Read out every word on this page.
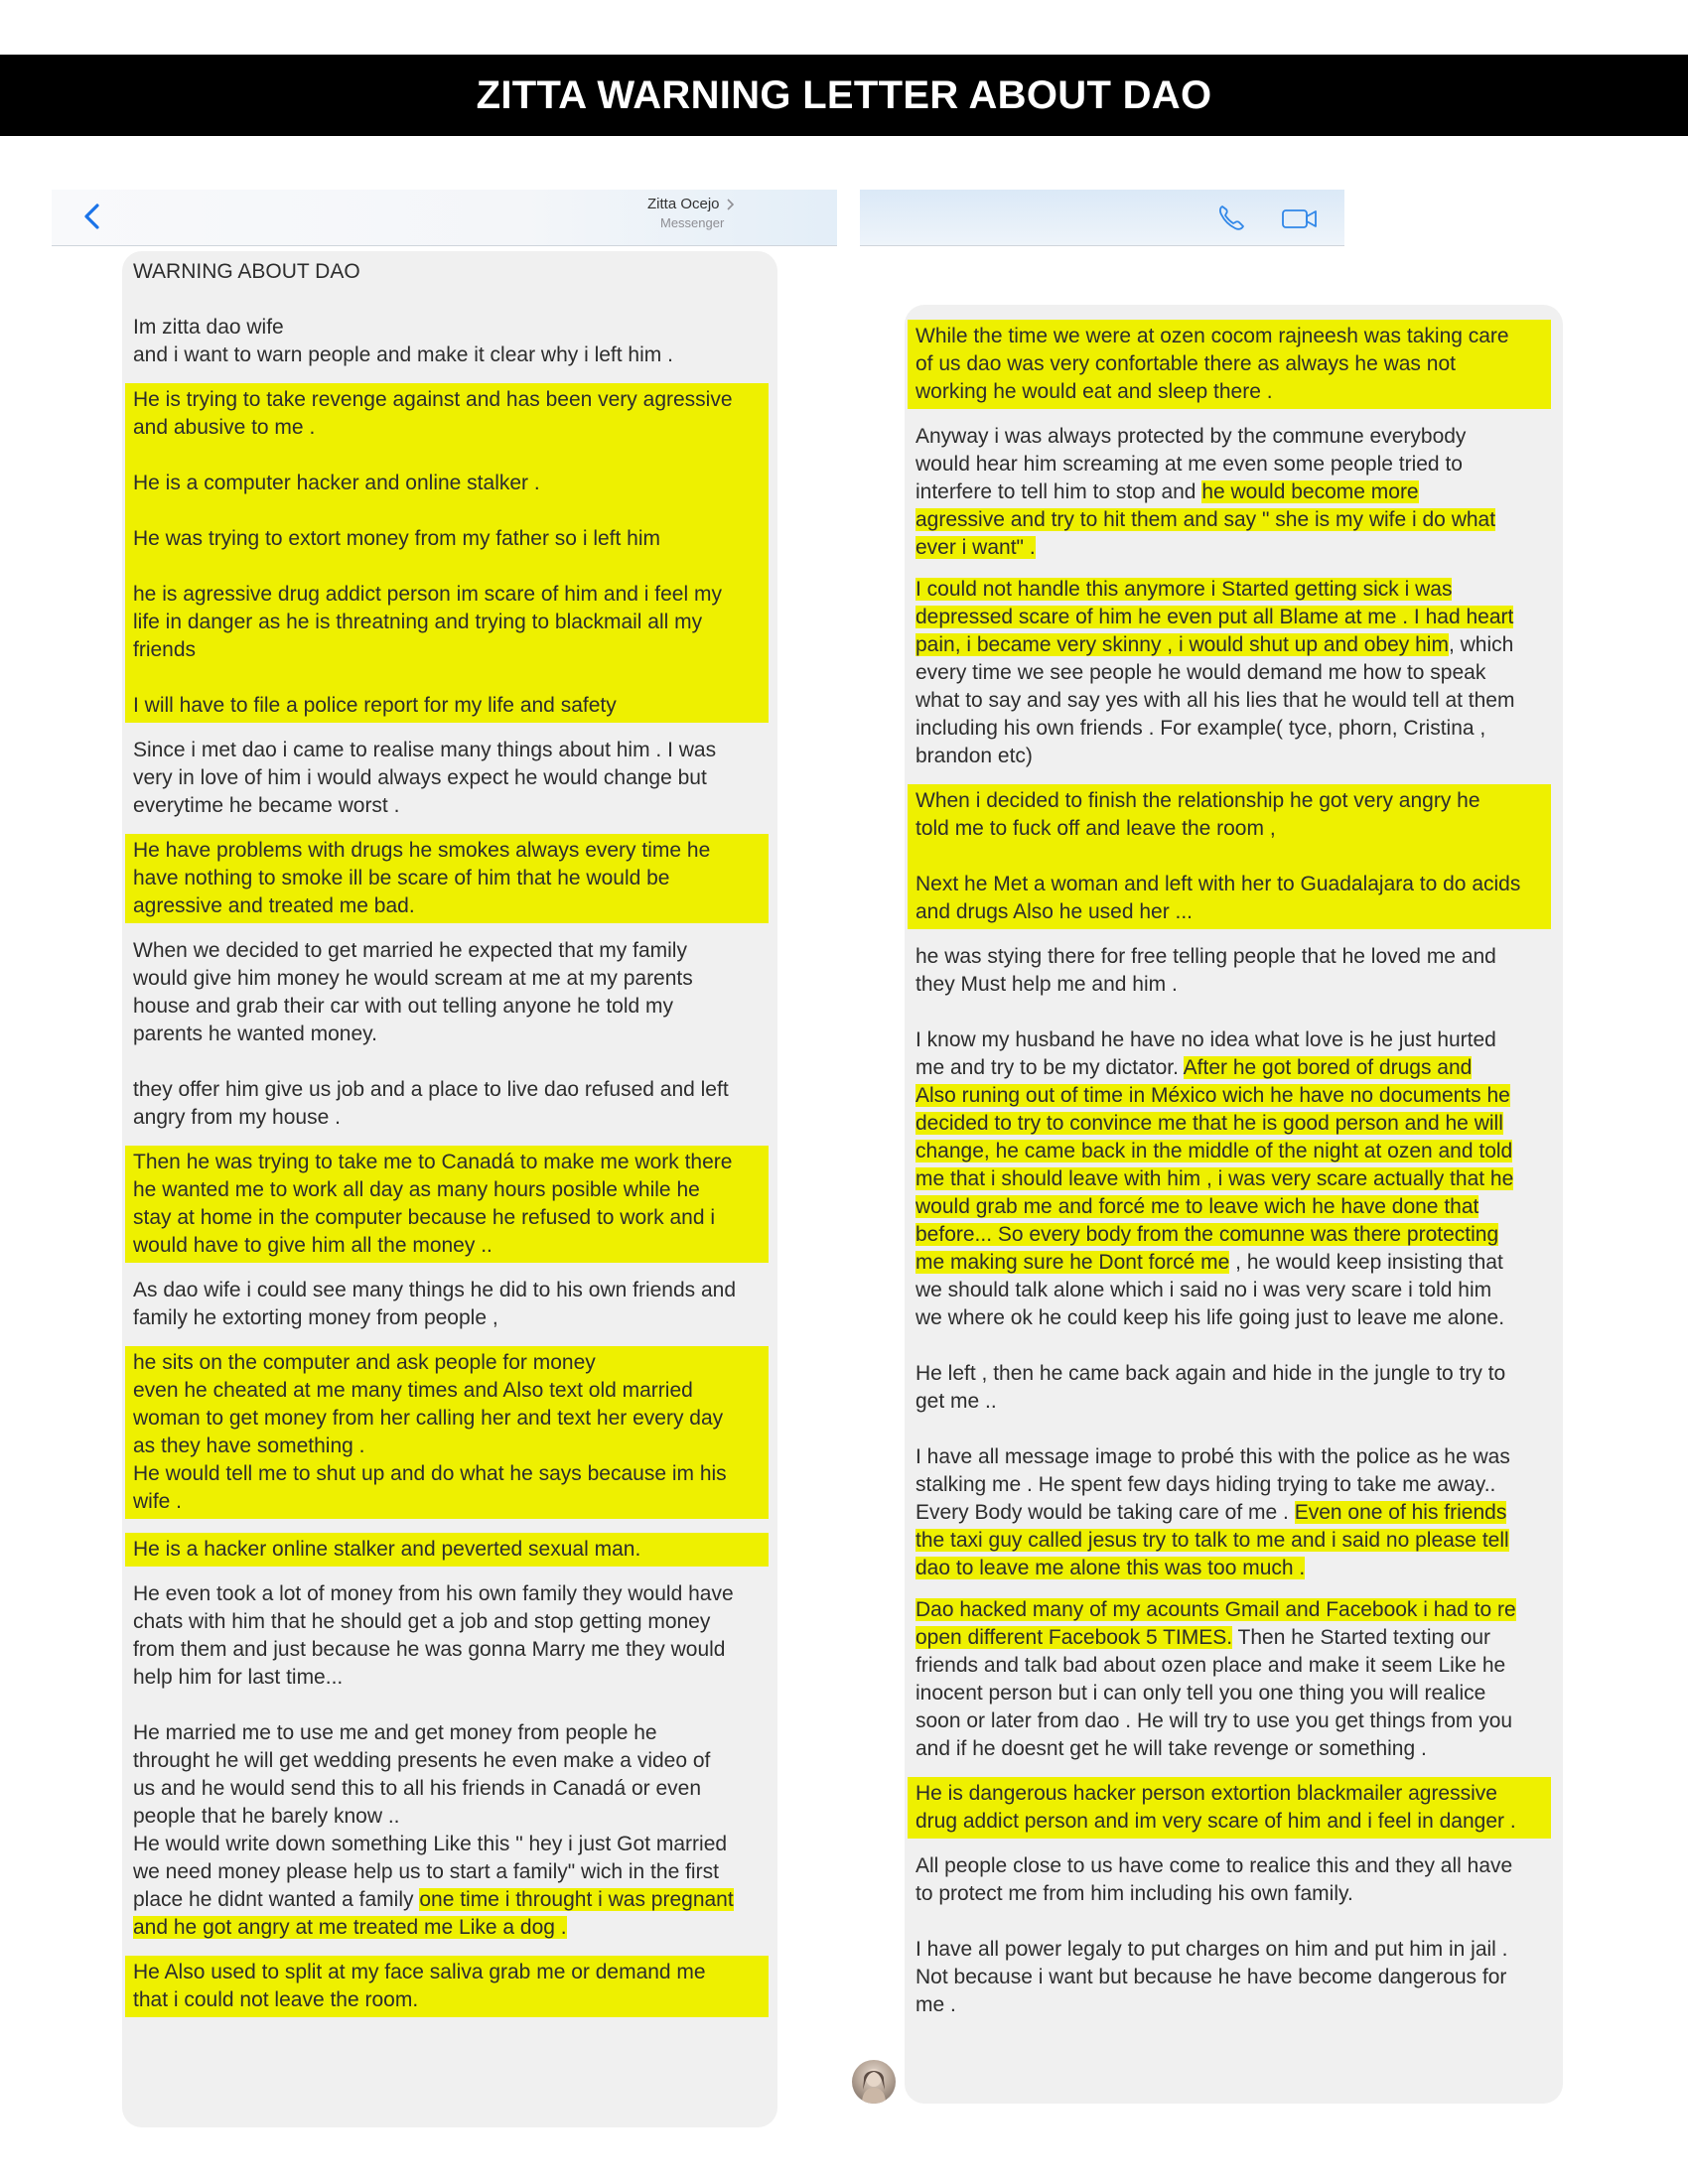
ZITTA WARNING LETTER ABOUT DAO
Zitta Ocejo
Messenger
WARNING ABOUT DAO
Im zitta dao wife
and i want to warn people and make it clear why i left him .
He is trying to take revenge against and has been very agressive
and abusive to me .
He is a computer hacker and online stalker .
He was trying to extort money from my father so i left him
he is agressive drug addict person im scare of him and i feel my
life in danger as he is threatning and trying to blackmail all my
friends
I will have to file a police report for my life and safety
Since i met dao i came to realise many things about him . I was
very in love of him i would always expect he would change but
everytime he became worst .
He have problems with drugs he smokes always every time he
have nothing to smoke ill be scare of him that he would be
agressive and treated me bad.
When we decided to get married he expected that my family
would give him money he would scream at me at my parents
house and grab their car with out telling anyone he told my
parents he wanted money.
they offer him give us job and a place to live dao refused and left
angry from my house .
Then he was trying to take me to Canadá to make me work there
he wanted me to work all day as many hours posible while he
stay at home in the computer because he refused to work and i
would have to give him all the money ..
As dao wife i could see many things he did to his own friends and
family he extorting money from people ,
he sits on the computer and ask people for money
even he cheated at me many times and Also text old married
woman to get money from her calling her and text her every day
as they have something .
He would tell me to shut up and do what he says because im his
wife .
He is a hacker online stalker and peverted sexual man.
He even took a lot of money from his own family they would have
chats with him that he should get a job and stop getting money
from them and just because he was gonna Marry me they would
help him for last time...
He married me to use me and get money from people he
throught he will get wedding presents he even make a video of
us and he would send this to all his friends in Canadá or even
people that he barely know ..
He would write down something Like this " hey i just Got married
we need money please help us to start a family" wich in the first
place he didnt wanted a family one time i throught i was pregnant
and he got angry at me treated me Like a dog .
He Also used to split at my face saliva grab me or demand me
that i could not leave the room.
While the time we were at ozen cocom rajneesh was taking care
of us dao was very confortable there as always he was not
working he would eat and sleep there .
Anyway i was always protected by the commune everybody
would hear him screaming at me even some people tried to
interfere to tell him to stop and he would become more
agressive and try to hit them and say " she is my wife i do what
ever i want" .
I could not handle this anymore i Started getting sick i was
depressed scare of him he even put all Blame at me . I had heart
pain, i became very skinny , i would shut up and obey him, which
every time we see people he would demand me how to speak
what to say and say yes with all his lies that he would tell at them
including his own friends . For example( tyce, phorn, Cristina ,
brandon etc)
When i decided to finish the relationship he got very angry he
told me to fuck off and leave the room ,
Next he Met a woman and left with her to Guadalajara to do acids
and drugs Also he used her ...
he was stying there for free telling people that he loved me and
they Must help me and him .
I know my husband he have no idea what love is he just hurted
me and try to be my dictator. After he got bored of drugs and
Also runing out of time in México wich he have no documents he
decided to try to convince me that he is good person and he will
change, he came back in the middle of the night at ozen and told
me that i should leave with him , i was very scare actually that he
would grab me and forcé me to leave wich he have done that
before... So every body from the comunne was there protecting
me making sure he Dont forcé me , he would keep insisting that
we should talk alone which i said no i was very scare i told him
we where ok he could keep his life going just to leave me alone.
He left , then he came back again and hide in the jungle to try to
get me ..
I have all message image to probé this with the police as he was
stalking me . He spent few days hiding trying to take me away..
Every Body would be taking care of me . Even one of his friends
the taxi guy called jesus try to talk to me and i said no please tell
dao to leave me alone this was too much .
Dao hacked many of my acounts Gmail and Facebook i had to re
open different Facebook 5 TIMES. Then he Started texting our
friends and talk bad about ozen place and make it seem Like he
inocent person but i can only tell you one thing you will realice
soon or later from dao . He will try to use you get things from you
and if he doesnt get he will take revenge or something .
He is dangerous hacker person extortion blackmailer agressive
drug addict person and im very scare of him and i feel in danger .
All people close to us have come to realice this and they all have
to protect me from him including his own family.
I have all power legaly to put charges on him and put him in jail .
Not because i want but because he have become dangerous for
me .
